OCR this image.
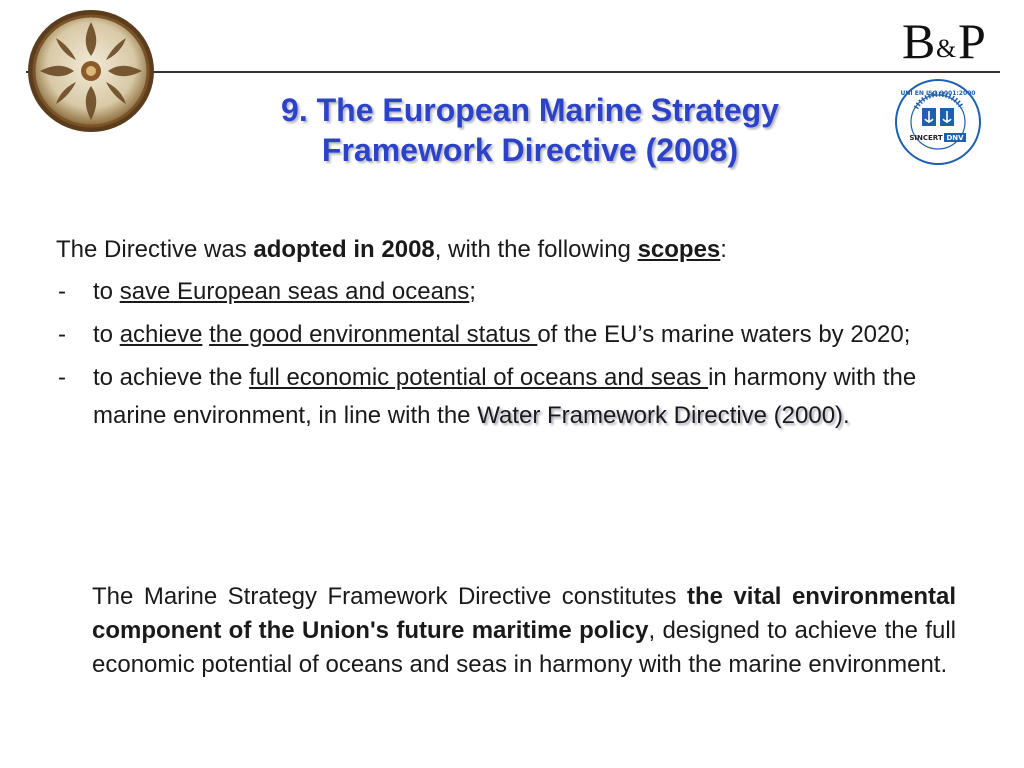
B & P
UNI EN ISO 9001:2000
SINCERT DNV
9. The European Marine Strategy
Framework Directive (2008)

The Directive was adopted in 2008, with the following scopes:

- to save European seas and oceans;
- to achieve the good environmental status of the EU’s marine waters by 2020;
- to achieve the full economic potential of oceans and seas in harmony with the marine environment, in line with the Water Framework Directive (2000).

The Marine Strategy Framework Directive constitutes the vital environmental component of the Union's future maritime policy, designed to achieve the full economic potential of oceans and seas in harmony with the marine environment.
